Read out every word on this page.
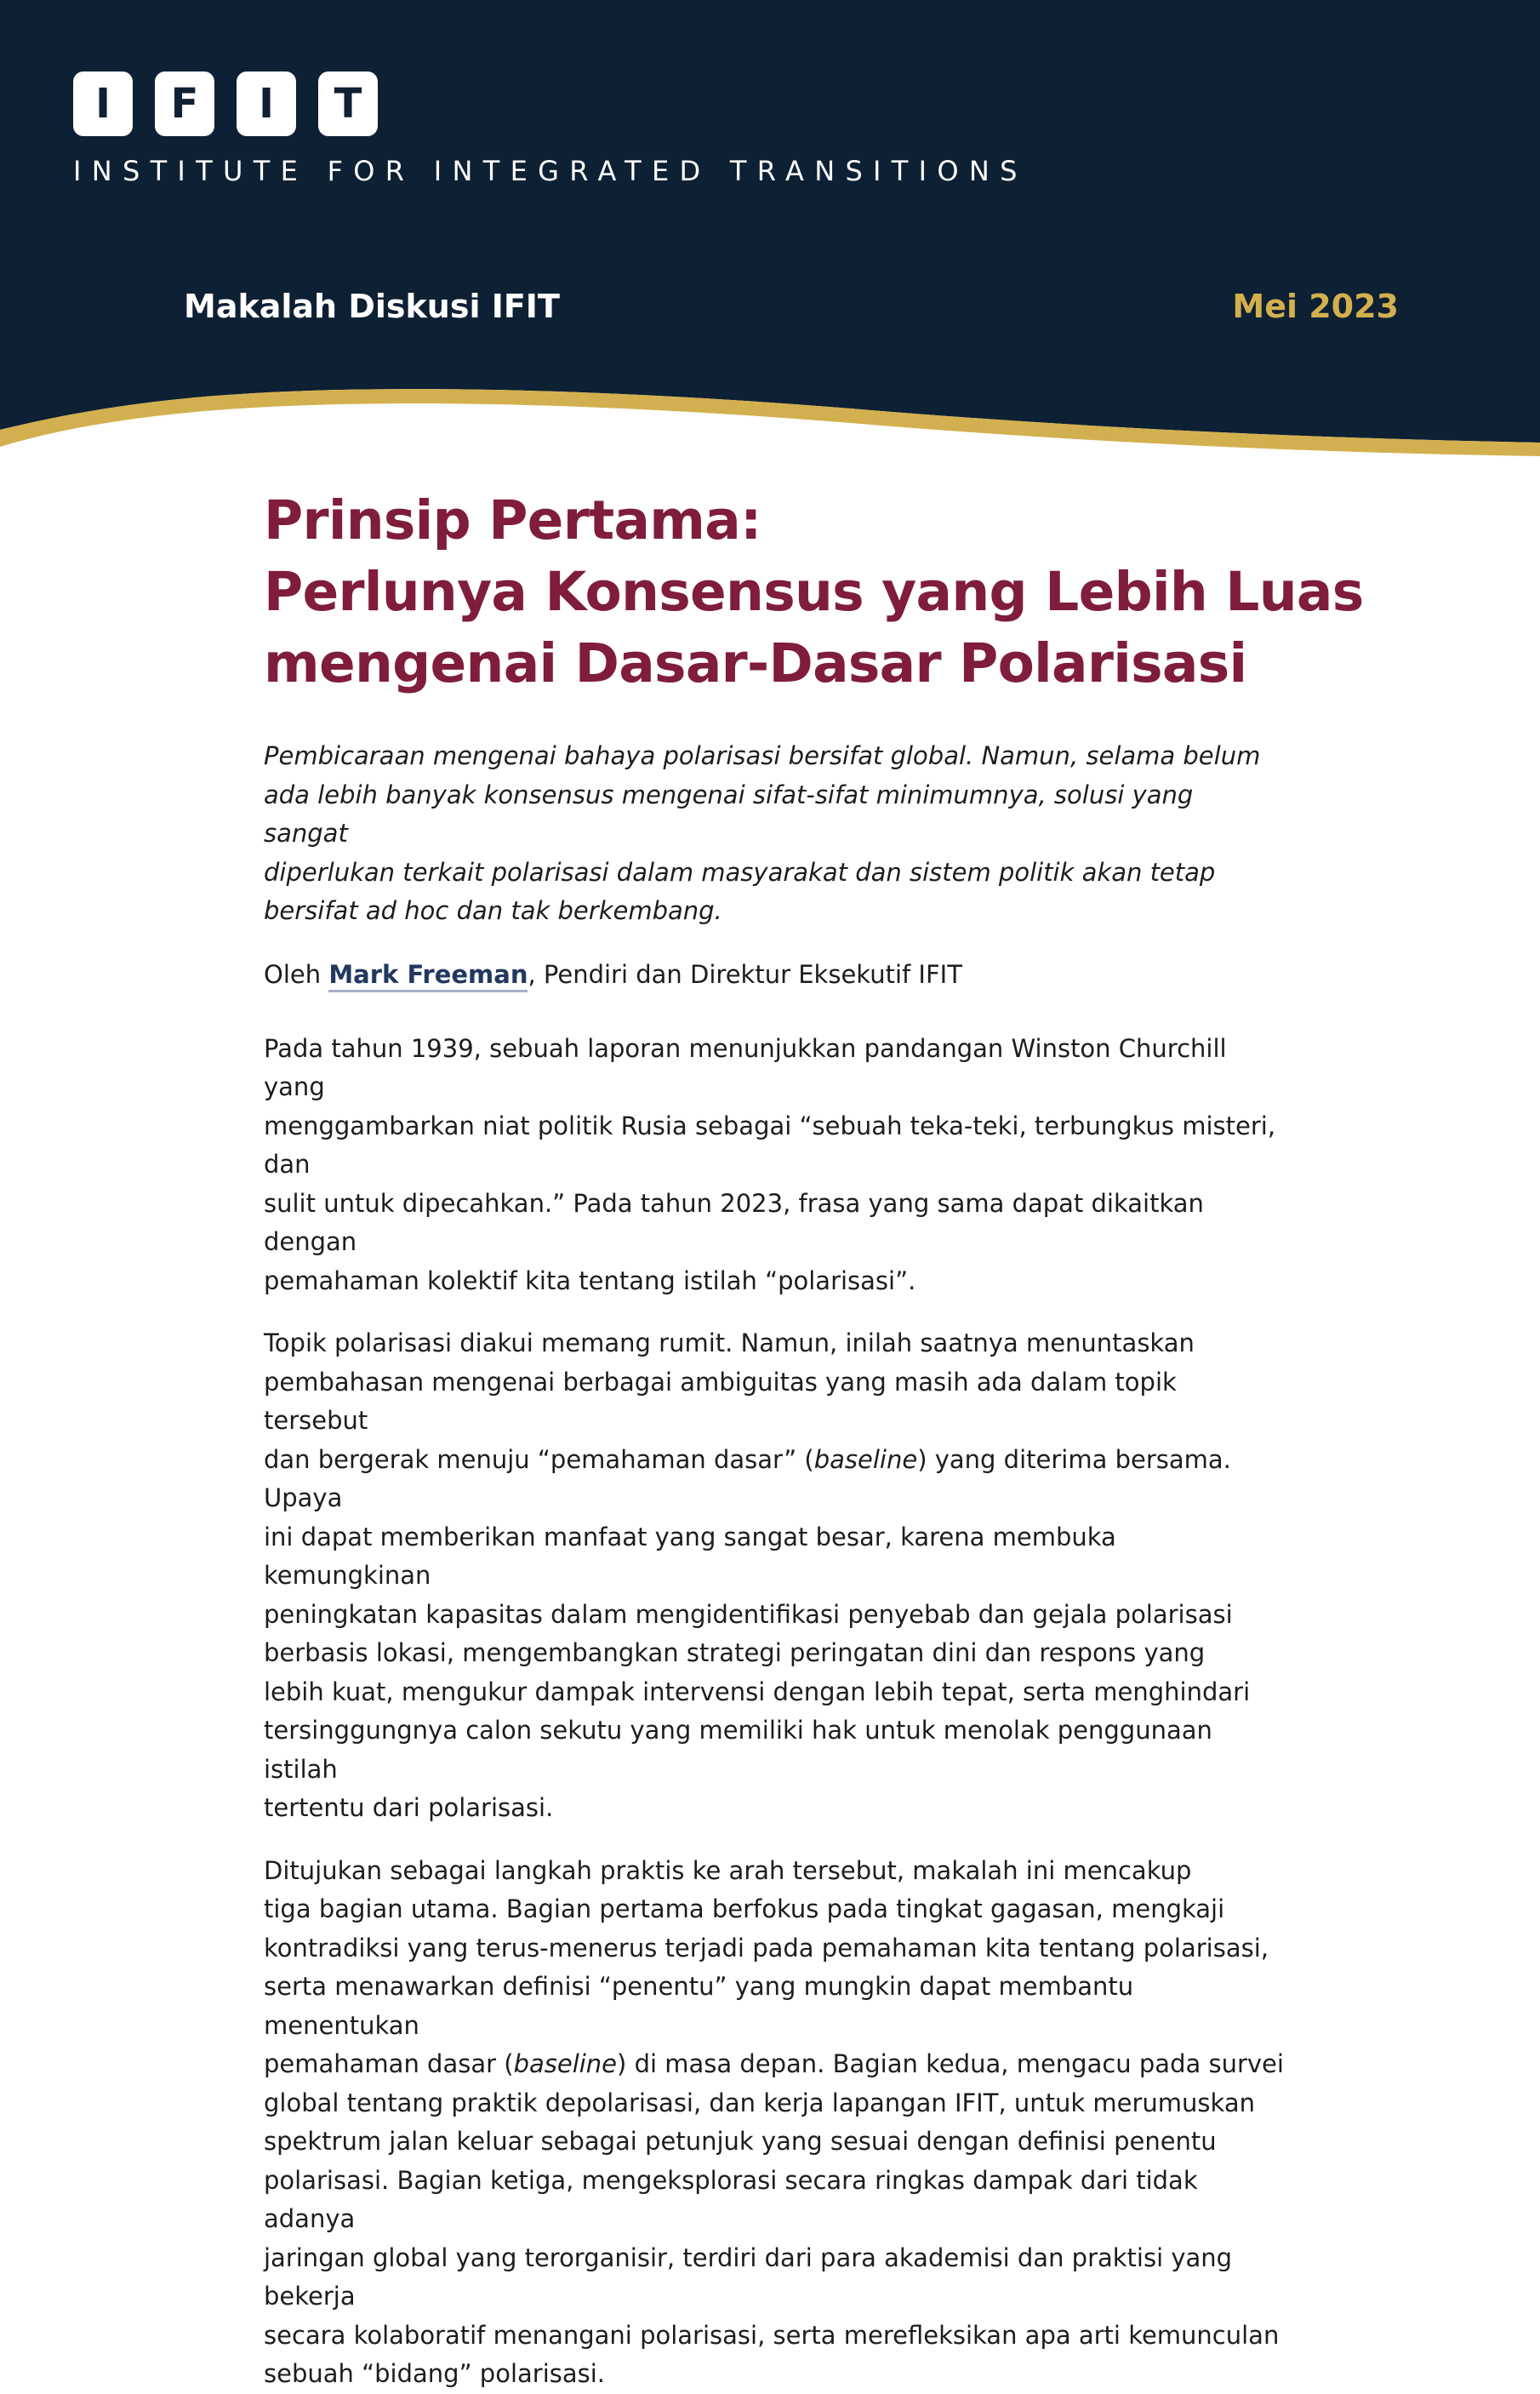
I	F	I	T
INSTITUTE FOR INTEGRATED TRANSITIONS
Makalah Diskusi IFIT	Mei 2023
Prinsip Pertama:
Perlunya Konsensus yang Lebih Luas
mengenai Dasar-Dasar Polarisasi

Pembicaraan mengenai bahaya polarisasi bersifat global. Namun, selama belum
ada lebih banyak konsensus mengenai sifat-sifat minimumnya, solusi yang sangat
diperlukan terkait polarisasi dalam masyarakat dan sistem politik akan tetap
bersifat ad hoc dan tak berkembang.

Oleh Mark Freeman, Pendiri dan Direktur Eksekutif IFIT

Pada tahun 1939, sebuah laporan menunjukkan pandangan Winston Churchill yang
menggambarkan niat politik Rusia sebagai “sebuah teka-teki, terbungkus misteri, dan
sulit untuk dipecahkan.” Pada tahun 2023, frasa yang sama dapat dikaitkan dengan
pemahaman kolektif kita tentang istilah “polarisasi”.

Topik polarisasi diakui memang rumit. Namun, inilah saatnya menuntaskan
pembahasan mengenai berbagai ambiguitas yang masih ada dalam topik tersebut
dan bergerak menuju “pemahaman dasar” (baseline) yang diterima bersama. Upaya
ini dapat memberikan manfaat yang sangat besar, karena membuka kemungkinan
peningkatan kapasitas dalam mengidentifikasi penyebab dan gejala polarisasi
berbasis lokasi, mengembangkan strategi peringatan dini dan respons yang
lebih kuat, mengukur dampak intervensi dengan lebih tepat, serta menghindari
tersinggungnya calon sekutu yang memiliki hak untuk menolak penggunaan istilah
tertentu dari polarisasi.

Ditujukan sebagai langkah praktis ke arah tersebut, makalah ini mencakup
tiga bagian utama. Bagian pertama berfokus pada tingkat gagasan, mengkaji
kontradiksi yang terus-menerus terjadi pada pemahaman kita tentang polarisasi,
serta menawarkan definisi “penentu” yang mungkin dapat membantu menentukan
pemahaman dasar (baseline) di masa depan. Bagian kedua, mengacu pada survei
global tentang praktik depolarisasi, dan kerja lapangan IFIT, untuk merumuskan
spektrum jalan keluar sebagai petunjuk yang sesuai dengan definisi penentu
polarisasi. Bagian ketiga, mengeksplorasi secara ringkas dampak dari tidak adanya
jaringan global yang terorganisir, terdiri dari para akademisi dan praktisi yang bekerja
secara kolaboratif menangani polarisasi, serta merefleksikan apa arti kemunculan
sebuah “bidang” polarisasi.
